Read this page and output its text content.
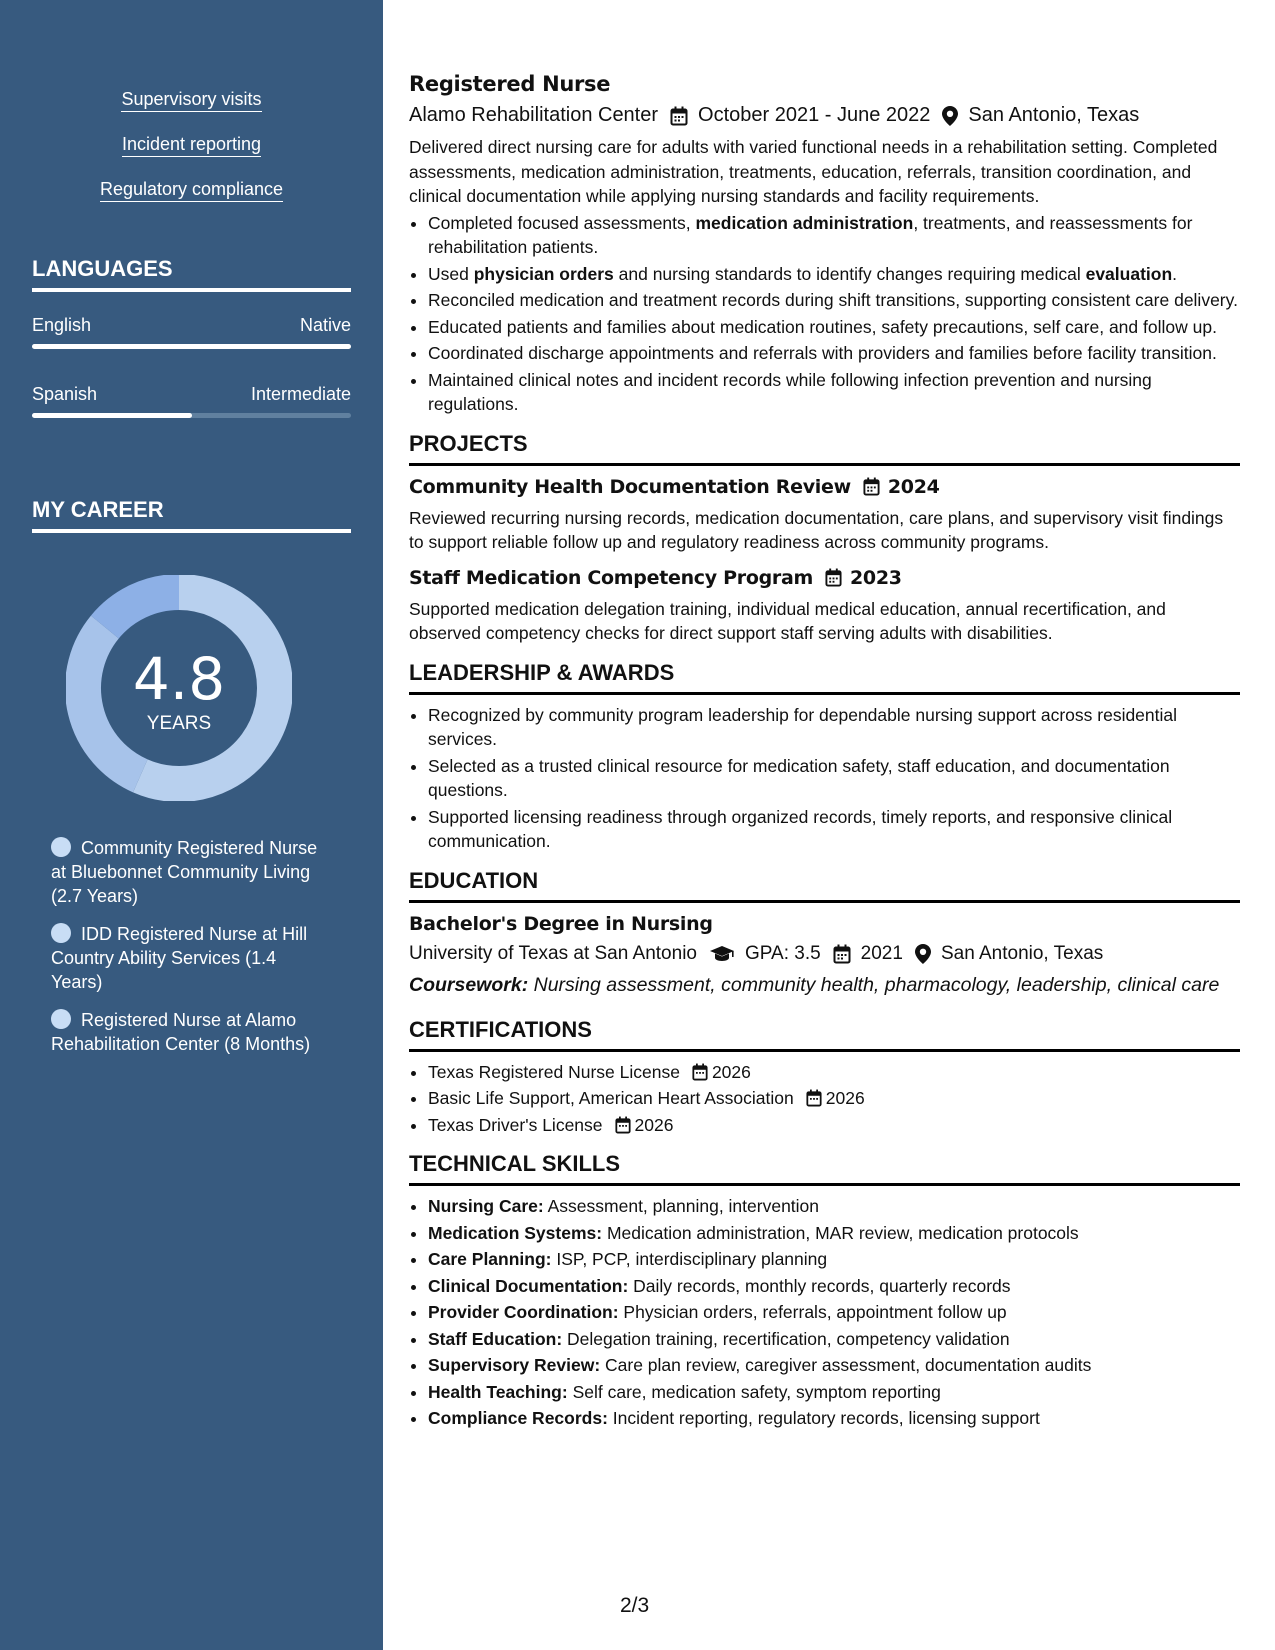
Supervisory visits
Incident reporting
Regulatory compliance
LANGUAGES
English	Native
Spanish	Intermediate
MY CAREER
4.8
YEARS
Community Registered Nurse at Bluebonnet Community Living (2.7 Years)
IDD Registered Nurse at Hill Country Ability Services (1.4 Years)
Registered Nurse at Alamo Rehabilitation Center (8 Months)
Registered Nurse
Alamo Rehabilitation Center October 2021 - June 2022 San Antonio, Texas

Delivered direct nursing care for adults with varied functional needs in a rehabilitation setting. Completed assessments, medication administration, treatments, education, referrals, transition coordination, and clinical documentation while applying nursing standards and facility requirements.

• Completed focused assessments, medication administration, treatments, and reassessments for rehabilitation patients.
• Used physician orders and nursing standards to identify changes requiring medical evaluation.
• Reconciled medication and treatment records during shift transitions, supporting consistent care delivery.
• Educated patients and families about medication routines, safety precautions, self care, and follow up.
• Coordinated discharge appointments and referrals with providers and families before facility transition.
• Maintained clinical notes and incident records while following infection prevention and nursing regulations.
PROJECTS
Community Health Documentation Review 2024

Reviewed recurring nursing records, medication documentation, care plans, and supervisory visit findings to support reliable follow up and regulatory readiness across community programs.

Staff Medication Competency Program 2023

Supported medication delegation training, individual medical education, annual recertification, and observed competency checks for direct support staff serving adults with disabilities.

LEADERSHIP & AWARDS
• Recognized by community program leadership for dependable nursing support across residential services.
• Selected as a trusted clinical resource for medication safety, staff education, and documentation questions.
• Supported licensing readiness through organized records, timely reports, and responsive clinical communication.
EDUCATION
Bachelor's Degree in Nursing
University of Texas at San Antonio	GPA: 3.5 2021 San Antonio, Texas
Coursework: Nursing assessment, community health, pharmacology, leadership, clinical care
CERTIFICATIONS
• Texas Registered Nurse License 2026
• Basic Life Support, American Heart Association 2026
• Texas Driver's License 2026
TECHNICAL SKILLS
• Nursing Care: Assessment, planning, intervention
• Medication Systems: Medication administration, MAR review, medication protocols
• Care Planning: ISP, PCP, interdisciplinary planning
• Clinical Documentation: Daily records, monthly records, quarterly records
• Provider Coordination: Physician orders, referrals, appointment follow up
• Staff Education: Delegation training, recertification, competency validation
• Supervisory Review: Care plan review, caregiver assessment, documentation audits
• Health Teaching: Self care, medication safety, symptom reporting
• Compliance Records: Incident reporting, regulatory records, licensing support
2/3
